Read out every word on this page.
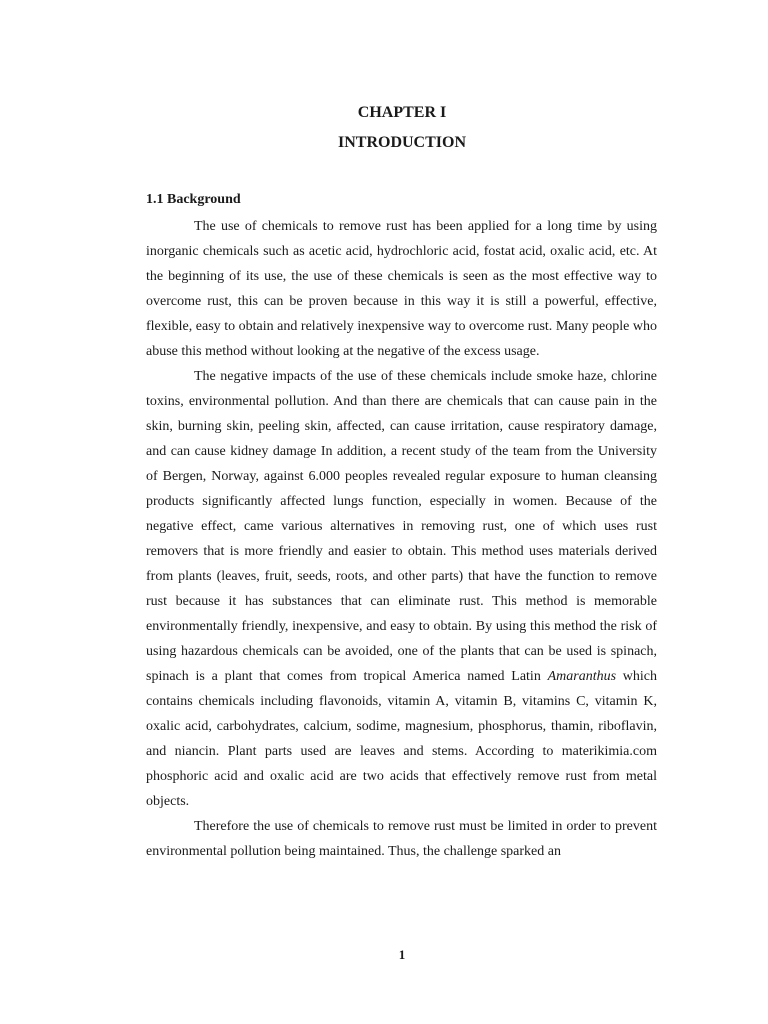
CHAPTER I
INTRODUCTION
1.1 Background

The use of chemicals to remove rust has been applied for a long time by using inorganic chemicals such as acetic acid, hydrochloric acid, fostat acid, oxalic acid, etc. At the beginning of its use, the use of these chemicals is seen as the most effective way to overcome rust, this can be proven because in this way it is still a powerful, effective, flexible, easy to obtain and relatively inexpensive way to overcome rust. Many people who abuse this method without looking at the negative of the excess usage.

The negative impacts of the use of these chemicals include smoke haze, chlorine toxins, environmental pollution. And than there are chemicals that can cause pain in the skin, burning skin, peeling skin, affected, can cause irritation, cause respiratory damage, and can cause kidney damage In addition, a recent study of the team from the University of Bergen, Norway, against 6.000 peoples revealed regular exposure to human cleansing products significantly affected lungs function, especially in women. Because of the negative effect, came various alternatives in removing rust, one of which uses rust removers that is more friendly and easier to obtain. This method uses materials derived from plants (leaves, fruit, seeds, roots, and other parts) that have the function to remove rust because it has substances that can eliminate rust. This method is memorable environmentally friendly, inexpensive, and easy to obtain. By using this method the risk of using hazardous chemicals can be avoided, one of the plants that can be used is spinach, spinach is a plant that comes from tropical America named Latin Amaranthus which contains chemicals including flavonoids, vitamin A, vitamin B, vitamins C, vitamin K, oxalic acid, carbohydrates, calcium, sodime, magnesium, phosphorus, thamin, riboflavin, and niancin. Plant parts used are leaves and stems. According to materikimia.com phosphoric acid and oxalic acid are two acids that effectively remove rust from metal objects.

Therefore the use of chemicals to remove rust must be limited in order to prevent environmental pollution being maintained. Thus, the challenge sparked an

1
